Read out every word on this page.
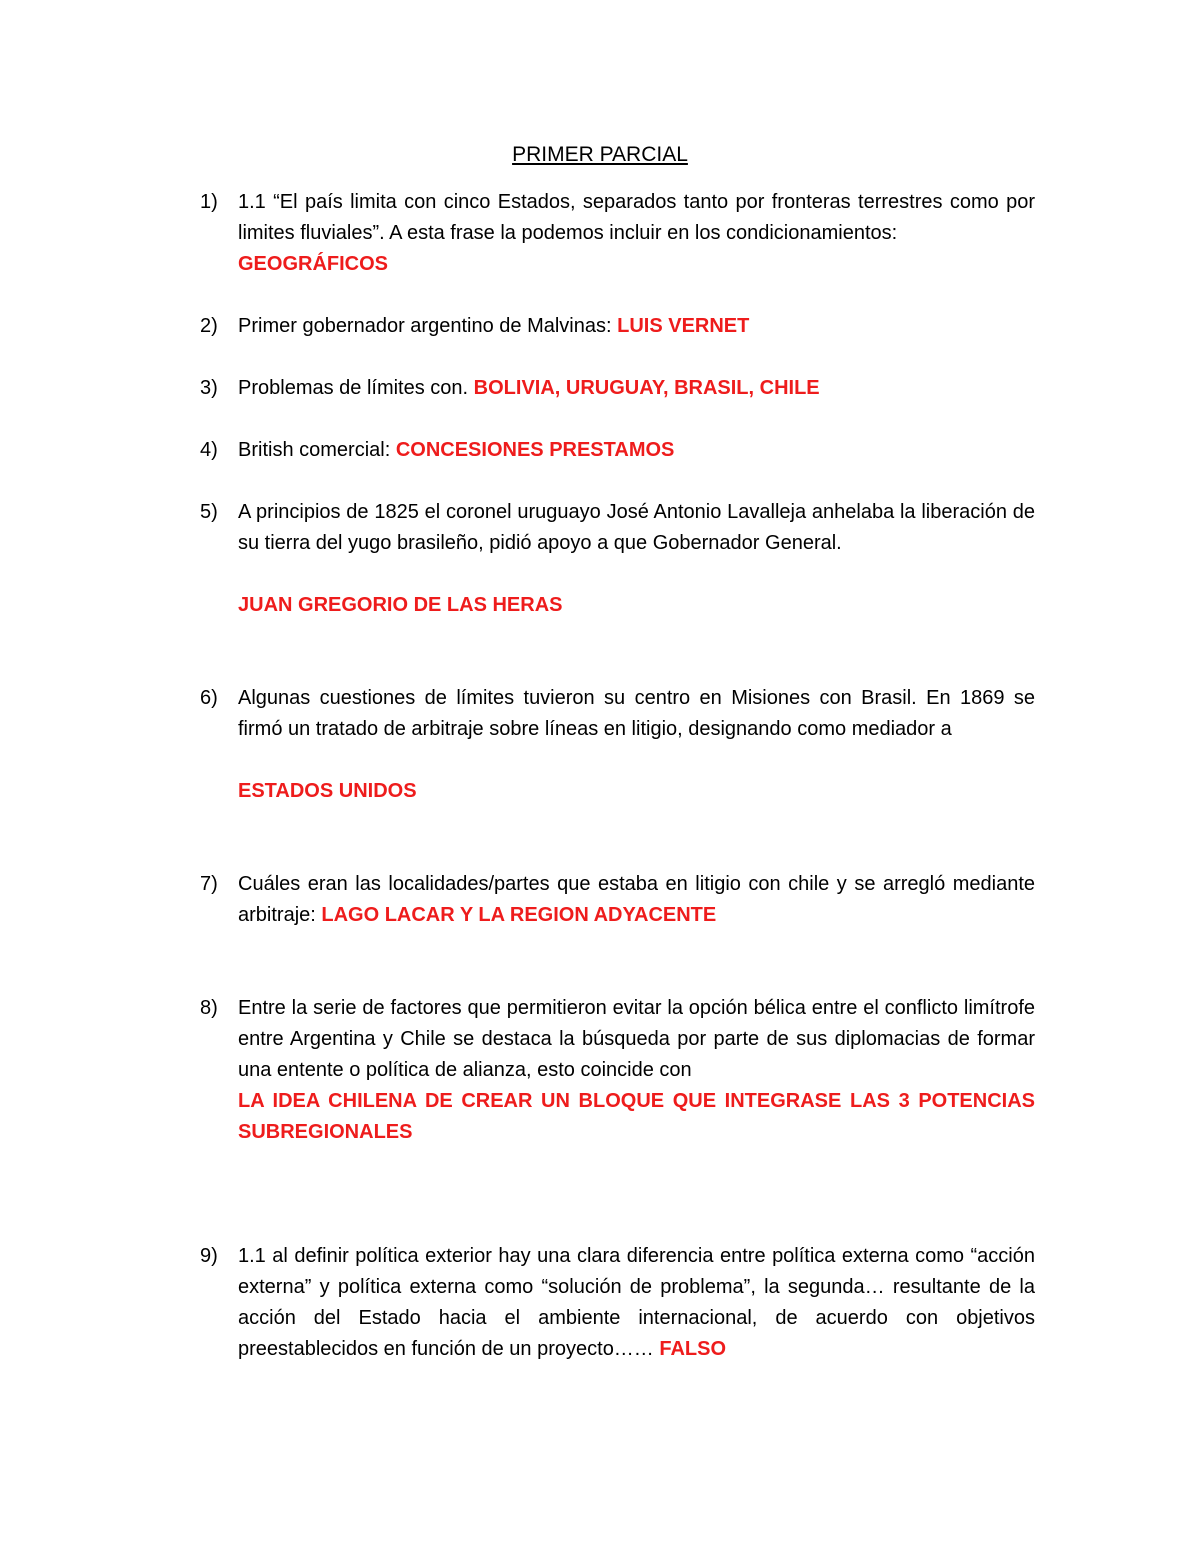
PRIMER PARCIAL
1)	1.1 “El país limita con cinco Estados, separados tanto por fronteras terrestres como por limites fluviales”. A esta frase la podemos incluir en los condicionamientos:
GEOGRÁFICOS
2)	Primer gobernador argentino de Malvinas: LUIS VERNET
3)	Problemas de límites con. BOLIVIA, URUGUAY, BRASIL, CHILE
4)	British comercial: CONCESIONES PRESTAMOS
5)	A principios de 1825 el coronel uruguayo José Antonio Lavalleja anhelaba la liberación de su tierra del yugo brasileño, pidió apoyo a que Gobernador General.
JUAN GREGORIO DE LAS HERAS
6)	Algunas cuestiones de límites tuvieron su centro en Misiones con Brasil. En 1869 se firmó un tratado de arbitraje sobre líneas en litigio, designando como mediador a
ESTADOS UNIDOS
7)	Cuáles eran las localidades/partes que estaba en litigio con chile y se arregló mediante arbitraje: LAGO LACAR Y LA REGION ADYACENTE
8)	Entre la serie de factores que permitieron evitar la opción bélica entre el conflicto limítrofe entre Argentina y Chile se destaca la búsqueda por parte de sus diplomacias de formar una entente o política de alianza, esto coincide con
LA IDEA CHILENA DE CREAR UN BLOQUE QUE INTEGRASE LAS 3 POTENCIAS SUBREGIONALES
9)	1.1 al definir política exterior hay una clara diferencia entre política externa como “acción externa” y política externa como “solución de problema”, la segunda… resultante de la acción del Estado hacia el ambiente internacional, de acuerdo con objetivos preestablecidos en función de un proyecto…… FALSO
